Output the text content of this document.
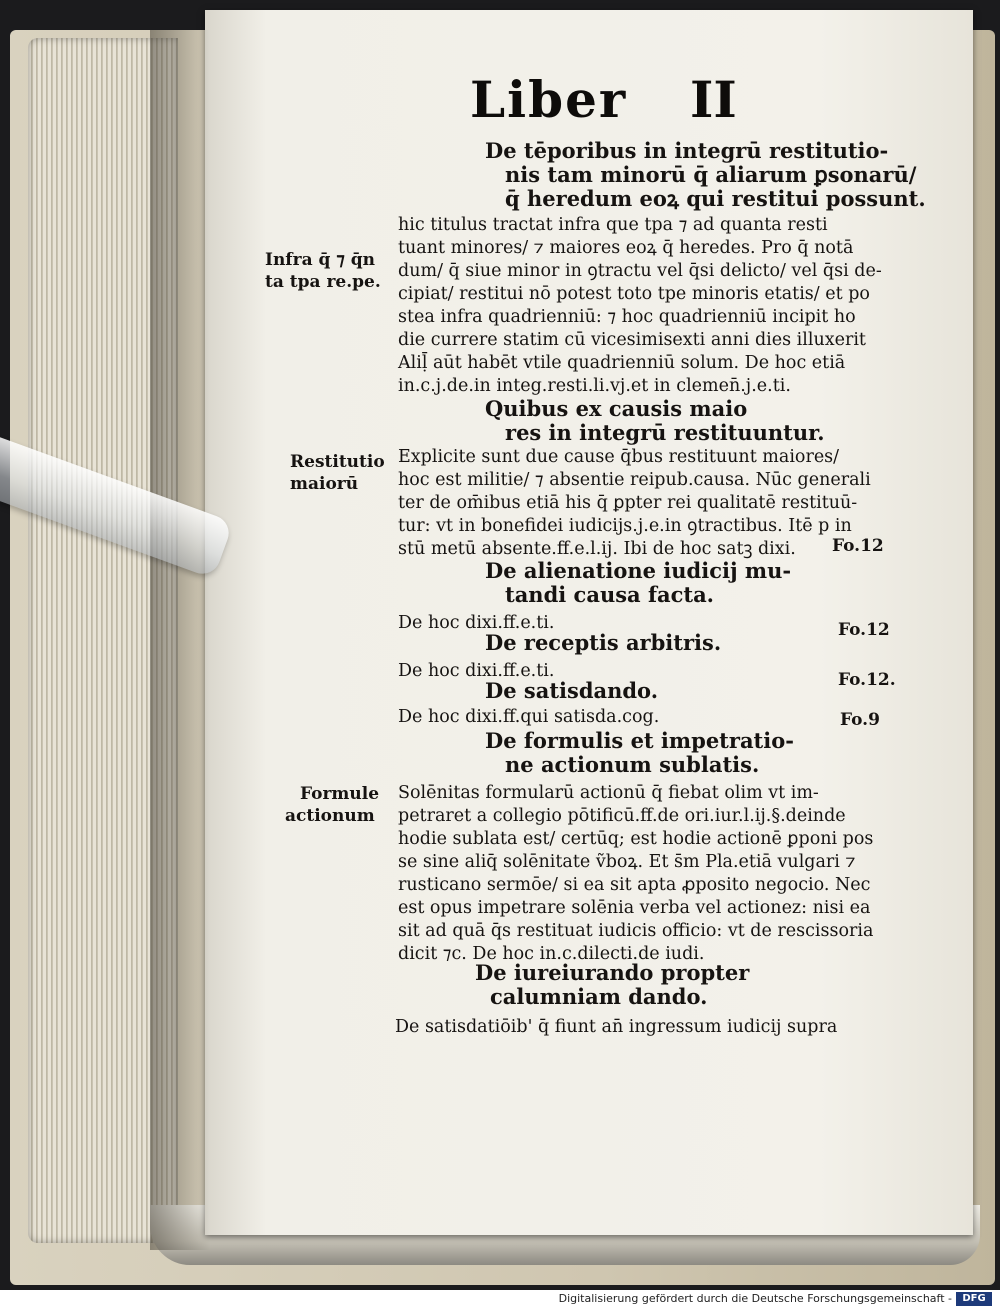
Liber II
De tēporibus in integrū restitutio-
nis tam minorū q̄ aliarum ꝑsonarū/
q̄ heredum eoꝝ qui restitui possunt.
hic titulus tractat infra que tpa ⁊ ad quanta resti
tuant minores/ ⁊ maiores eoꝝ q̄ heredes. Pro q̄ notā
dum/ q̄ siue minor in ꝯtractu vel q̄si delicto/ vel q̄si de-
cipiat/ restitui nō potest toto tpe minoris etatis/ et po
stea infra quadrienniū: ⁊ hoc quadrienniū incipit ho
die currere statim cū vicesimisexti anni dies illuxerit
Aliḹ aūt habēt vtile quadrienniū solum. De hoc etiā
in.c.j.de.in integ.resti.li.vj.et in clemen̄.j.e.ti.
Quibus ex causis maio
res in integrū restituuntur.
Explicite sunt due cause q̄bus restituunt maiores/
hoc est militie/ ⁊ absentie reipub.causa. Nūc generali
ter de om̄ibus etiā his q̄ ꝑpter rei qualitatē restituū-
tur: vt in bonefidei iudicijs.j.e.in ꝯtractibus. Itē p in
stū metū absente.ff.e.l.ij. Ibi de hoc satꝫ dixi.
De alienatione iudicij mu-
tandi causa facta.
De hoc dixi.ff.e.ti.
De receptis arbitris.
De hoc dixi.ff.e.ti.
De satisdando.
De hoc dixi.ff.qui satisda.cog.
De formulis et impetratio-
ne actionum sublatis.
Solēnitas formularū actionū q̄ fiebat olim vt im-
petraret a collegio pōtificū.ff.de ori.iur.l.ij.§.deinde
hodie sublata est/ certūq; est hodie actionē ꝑponi pos
se sine aliq̄ solēnitate ṽboꝝ. Et s̄m Pla.etiā vulgari ⁊
rusticano sermōe/ si ea sit apta ꝓposito negocio. Nec
est opus impetrare solēnia verba vel actionez: nisi ea
sit ad quā q̄s restituat iudicis officio: vt de rescissoria
dicit ⁊c. De hoc in.c.dilecti.de iudi.
De iureiurando propter
calumniam dando.
De satisdatiōib' q̄ fiunt an̄ ingressum iudicij supra
Infra q̄ ⁊ q̄n
ta tpa re.pe.
Restitutio
maiorū
Formule
actionum
Fo.12
Fo.12
Fo.12.
Fo.9
Digitalisierung gefördert durch die Deutsche Forschungsgemeinschaft -	DFG
